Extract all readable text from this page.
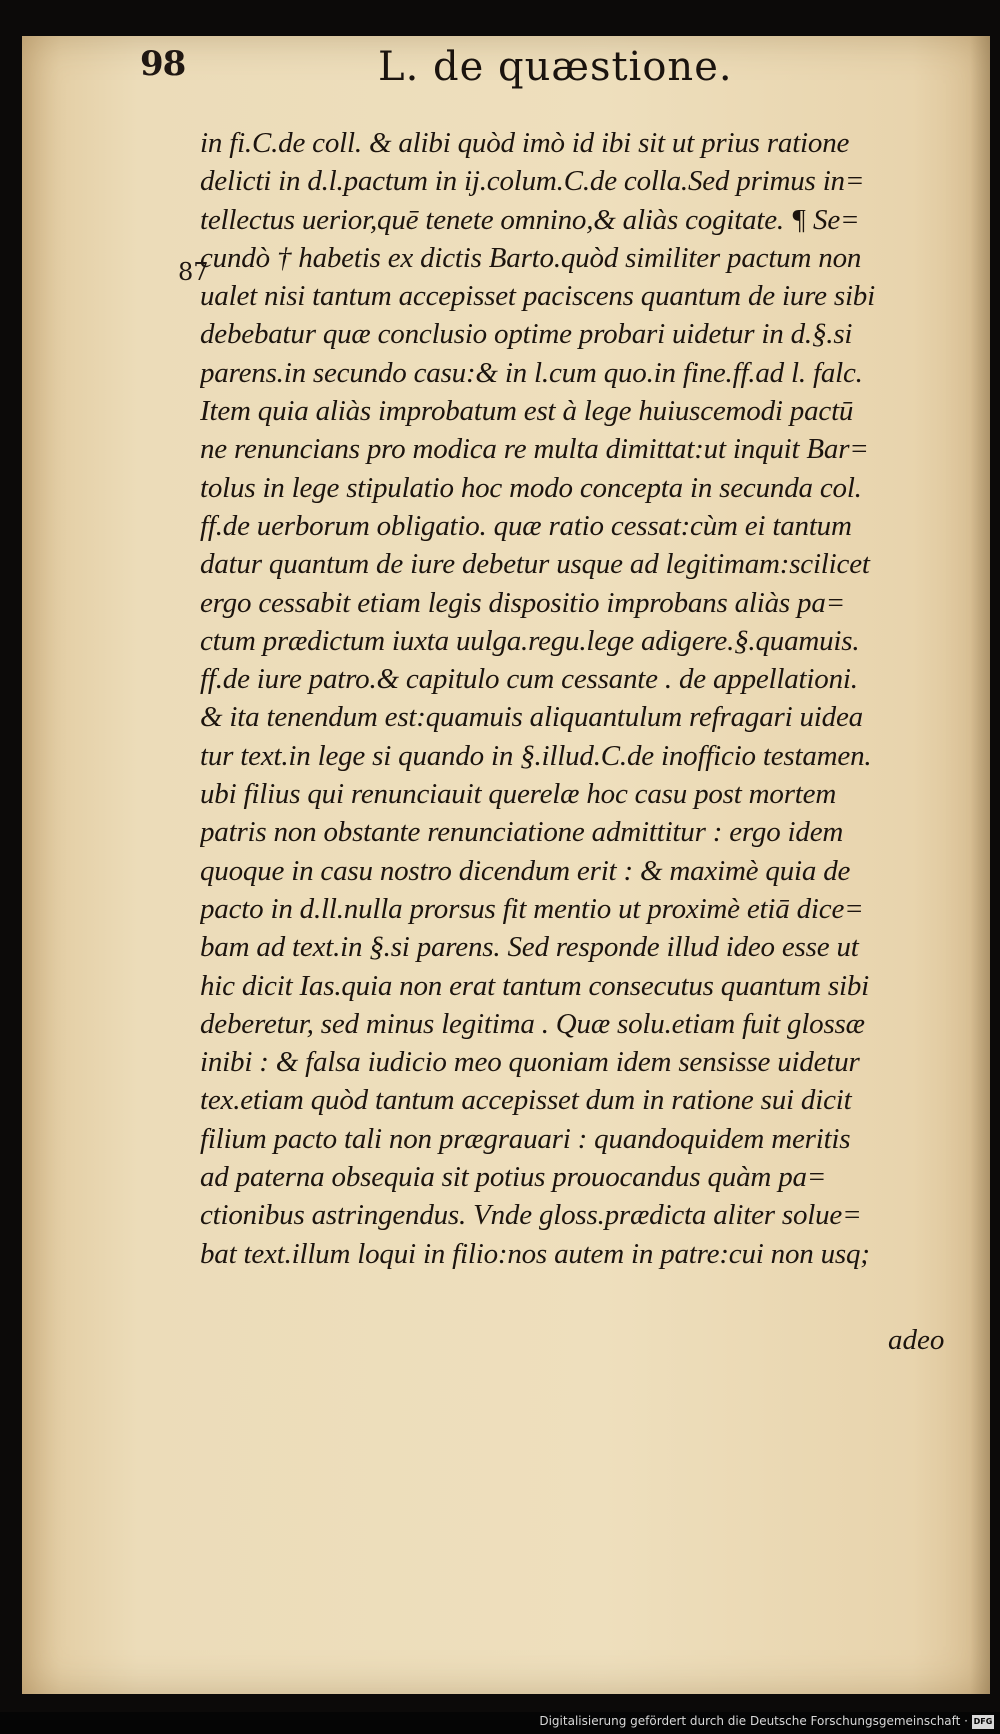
98	L. de quæstione.
87
in fi.C.de coll. & alibi quòd imò id ibi sit ut prius ratione
delicti in d.l.pactum in ij.colum.C.de colla.Sed primus in=
tellectus uerior,quē tenete omnino,& aliàs cogitate. ¶ Se=
cundò † habetis ex dictis Barto.quòd similiter pactum non
ualet nisi tantum accepisset paciscens quantum de iure sibi
debebatur quæ conclusio optime probari uidetur in d.§.si
parens.in secundo casu:& in l.cum quo.in fine.ff.ad l. falc.
Item quia aliàs improbatum est à lege huiuscemodi pactū
ne renuncians pro modica re multa dimittat:ut inquit Bar=
tolus in lege stipulatio hoc modo concepta in secunda col.
ff.de uerborum obligatio. quæ ratio cessat:cùm ei tantum
datur quantum de iure debetur usque ad legitimam:scilicet
ergo cessabit etiam legis dispositio improbans aliàs pa=
ctum prædictum iuxta uulga.regu.lege adigere.§.quamuis.
ff.de iure patro.& capitulo cum cessante . de appellationi.
& ita tenendum est:quamuis aliquantulum refragari uidea
tur text.in lege si quando in §.illud.C.de inofficio testamen.
ubi filius qui renunciauit querelæ hoc casu post mortem
patris non obstante renunciatione admittitur : ergo idem
quoque in casu nostro dicendum erit : & maximè quia de
pacto in d.ll.nulla prorsus fit mentio ut proximè etiā dice=
bam ad text.in §.si parens. Sed responde illud ideo esse ut
hic dicit Ias.quia non erat tantum consecutus quantum sibi
deberetur, sed minus legitima . Quæ solu.etiam fuit glossæ
inibi : & falsa iudicio meo quoniam idem sensisse uidetur
tex.etiam quòd tantum accepisset dum in ratione sui dicit
filium pacto tali non prægrauari : quandoquidem meritis
ad paterna obsequia sit potius prouocandus quàm pa=
ctionibus astringendus. Vnde gloss.prædicta aliter solue=
bat text.illum loqui in filio:nos autem in patre:cui non usq;
adeo
Digitalisierung gefördert durch die Deutsche Forschungsgemeinschaft · DFG
